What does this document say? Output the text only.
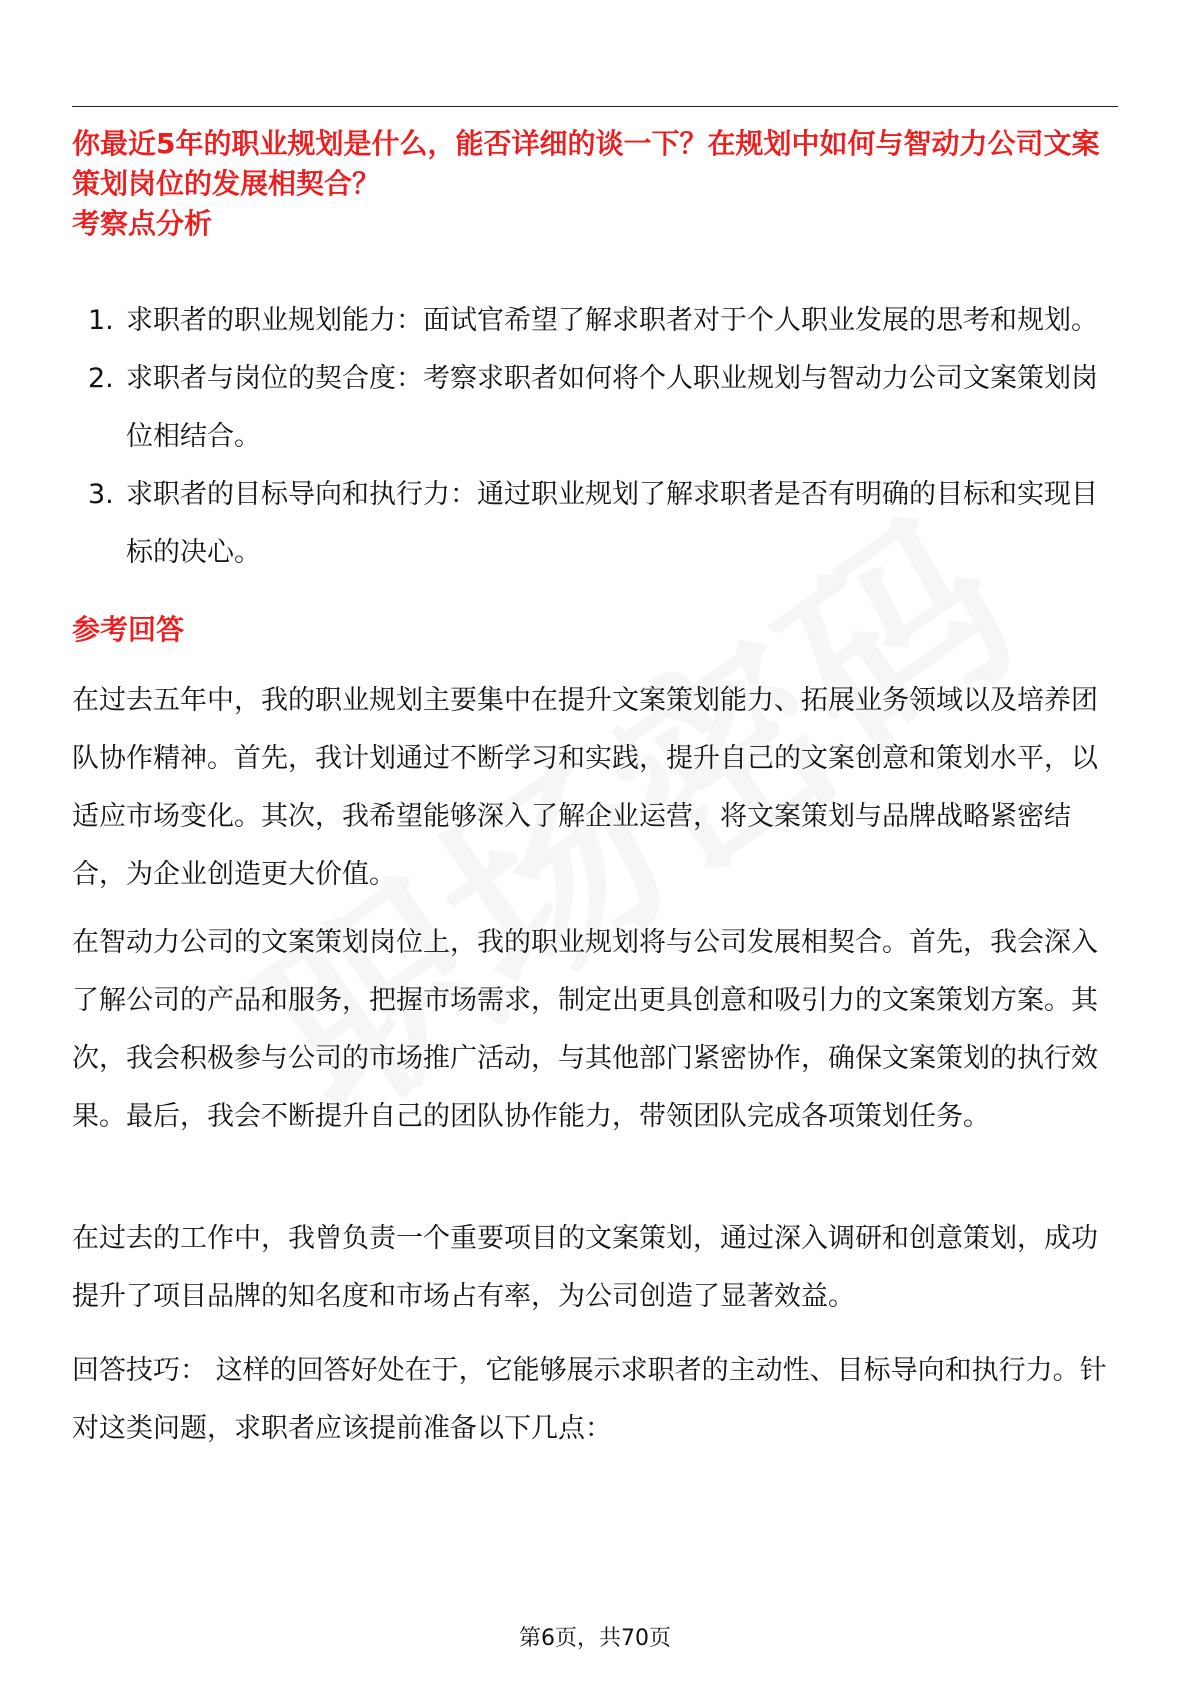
你最近5年的职业规划是什么，能否详细的谈一下？在规划中如何与智动力公司文案策划岗位的发展相契合？
考察点分析
1. 求职者的职业规划能力：面试官希望了解求职者对于个人职业发展的思考和规划。
2. 求职者与岗位的契合度：考察求职者如何将个人职业规划与智动力公司文案策划岗位相结合。
3. 求职者的目标导向和执行力：通过职业规划了解求职者是否有明确的目标和实现目标的决心。
参考回答

在过去五年中，我的职业规划主要集中在提升文案策划能力、拓展业务领域以及培养团队协作精神。首先，我计划通过不断学习和实践，提升自己的文案创意和策划水平，以适应市场变化。其次，我希望能够深入了解企业运营，将文案策划与品牌战略紧密结合，为企业创造更大价值。

在智动力公司的文案策划岗位上，我的职业规划将与公司发展相契合。首先，我会深入了解公司的产品和服务，把握市场需求，制定出更具创意和吸引力的文案策划方案。其次，我会积极参与公司的市场推广活动，与其他部门紧密协作，确保文案策划的执行效果。最后，我会不断提升自己的团队协作能力，带领团队完成各项策划任务。

在过去的工作中，我曾负责一个重要项目的文案策划，通过深入调研和创意策划，成功提升了项目品牌的知名度和市场占有率，为公司创造了显著效益。

回答技巧： 这样的回答好处在于，它能够展示求职者的主动性、目标导向和执行力。针对这类问题，求职者应该提前准备以下几点：

第6页，共70页
